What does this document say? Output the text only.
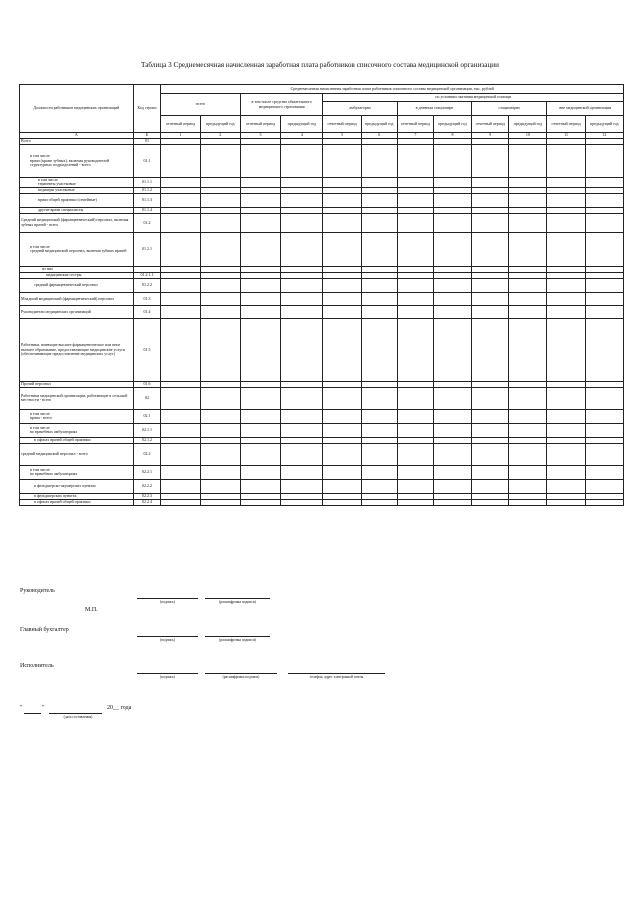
Таблица 3 Среднемесячная начисленная заработная плата работников списочного состава медицинской организации
Должности работников медицинских организаций	Код строки	Среднемесячная начисленная заработная плата работников списочного состава медицинской организации, тыс. рублей											
		всего		в том числе средства обязательного медицинского страхования		по условиям оказания медицинской помощи							
						амбулаторно		в дневном стационаре		стационарно		вне медицинской организации	
		отчетный период	предыдущий год	отчетный период	предыдущий год	отчетный период	предыдущий год	отчетный период	предыдущий год	отчетный период	предыдущий год	отчетный период	предыдущий год
А	Б	1	2	3	4	5	6	7	8	9	10	11	12
Всего	01												
в том числе
врачи (кроме зубных), включая руководителей структурных подразделений - всего	01.1												
в том числе
терапевты участковые	01.1.1												
педиатры участковые	01.1.2												
врачи общей практики (семейные)	01.1.3												
другие врачи специалисты	01.1.4												
Средний медицинский (фармацевтический) персонал, включая зубных врачей - всего	01.2												
в том числе
средний медицинский персонал, включая зубных врачей	01.2.1												
из них													
медицинские сестры	01.2.1.1												
средний фармацевтический персонал	01.2.2												
Младший медицинский (фармацевтический) персонал	01.3												
Руководители медицинских организаций	01.4												
Работники, имеющие высшее фармацевтическое или иное высшее образование, предоставляющие медицинские услуги (обеспечивающие предоставление медицинских услуг)	01.5												
Прочий персонал	01.6												
Работники медицинской организации, работающие в сельской местности - всего	02												
в том числе
врачи - всего	02.1												
в том числе
во врачебных амбулаториях	02.1.1												
в офисах врачей общей практики	02.1.2												
средний медицинский персонал - всего	02.2												
в том числе
во врачебных амбулаториях	02.2.1												
в фельдшерско-акушерских пунктах	02.2.2												
в фельдшерских пунктах	02.2.3												
в офисах врачей общей практики	02.2.4												
Руководитель
(подпись)	(расшифровка подписи)
М.П.
Главный бухгалтер
(подпись)	(расшифровка подписи)
Исполнитель
(подпись)	(расшифровка подписи)	телефон, адрес электронной почты
"	"	20__ года
(дата составления)
